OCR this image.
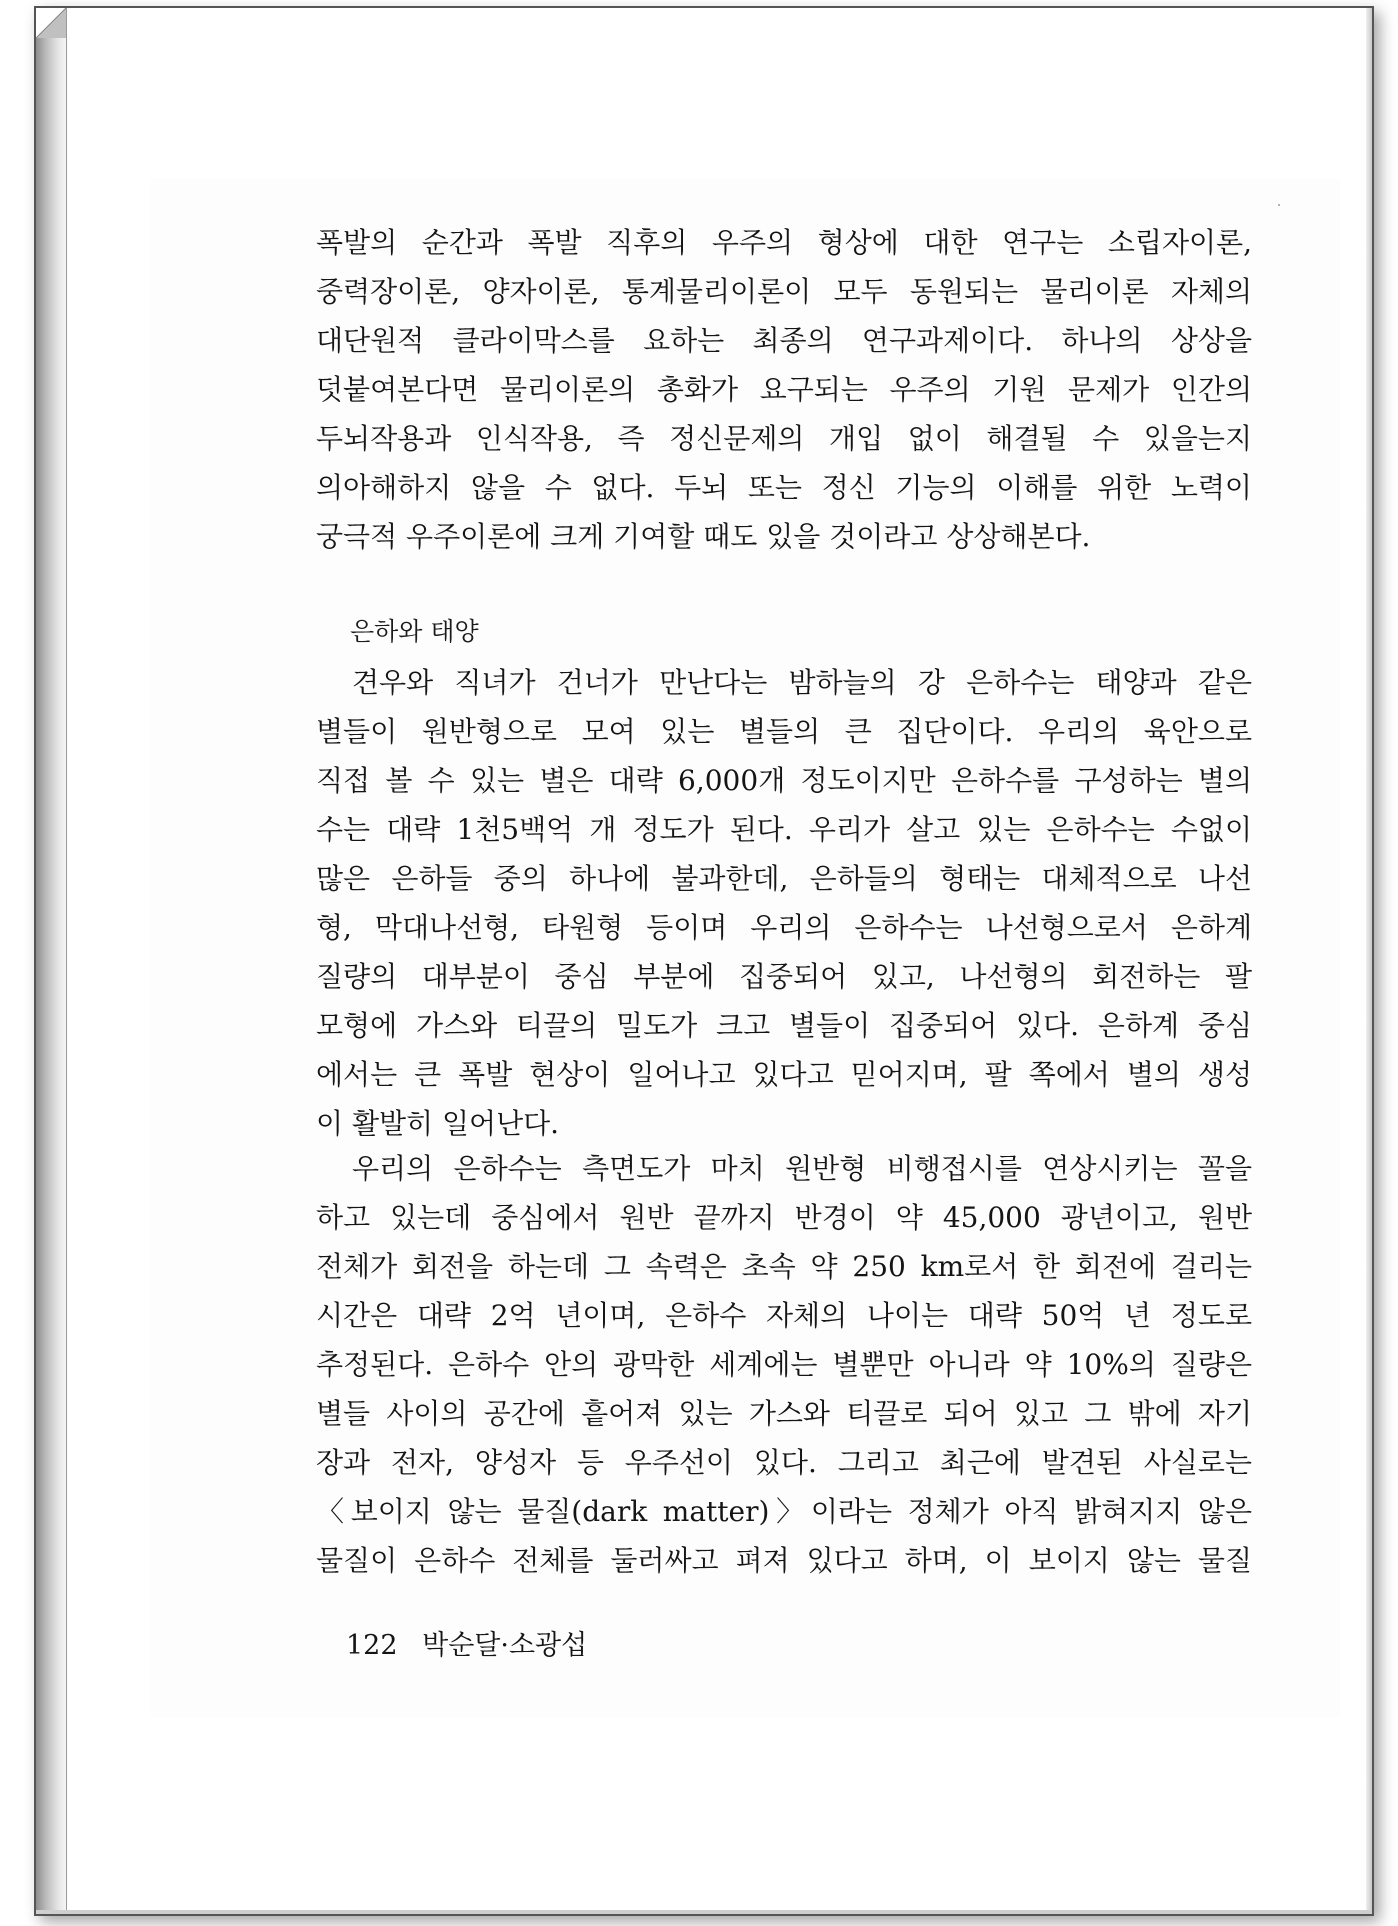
폭발의 순간과 폭발 직후의 우주의 형상에 대한 연구는 소립자이론,
중력장이론, 양자이론, 통계물리이론이 모두 동원되는 물리이론 자체의
대단원적 클라이막스를 요하는 최종의 연구과제이다. 하나의 상상을
덧붙여본다면 물리이론의 총화가 요구되는 우주의 기원 문제가 인간의
두뇌작용과 인식작용, 즉 정신문제의 개입 없이 해결될 수 있을는지
의아해하지 않을 수 없다. 두뇌 또는 정신 기능의 이해를 위한 노력이
궁극적 우주이론에 크게 기여할 때도 있을 것이라고 상상해본다.
은하와 태양
견우와 직녀가 건너가 만난다는 밤하늘의 강 은하수는 태양과 같은
별들이 원반형으로 모여 있는 별들의 큰 집단이다. 우리의 육안으로
직접 볼 수 있는 별은 대략 6,000개 정도이지만 은하수를 구성하는 별의
수는 대략 1천5백억 개 정도가 된다. 우리가 살고 있는 은하수는 수없이
많은 은하들 중의 하나에 불과한데, 은하들의 형태는 대체적으로 나선
형, 막대나선형, 타원형 등이며 우리의 은하수는 나선형으로서 은하계
질량의 대부분이 중심 부분에 집중되어 있고, 나선형의 회전하는 팔
모형에 가스와 티끌의 밀도가 크고 별들이 집중되어 있다. 은하계 중심
에서는 큰 폭발 현상이 일어나고 있다고 믿어지며, 팔 쪽에서 별의 생성
이 활발히 일어난다.
우리의 은하수는 측면도가 마치 원반형 비행접시를 연상시키는 꼴을
하고 있는데 중심에서 원반 끝까지 반경이 약 45,000 광년이고, 원반
전체가 회전을 하는데 그 속력은 초속 약 250 km로서 한 회전에 걸리는
시간은 대략 2억 년이며, 은하수 자체의 나이는 대략 50억 년 정도로
추정된다. 은하수 안의 광막한 세계에는 별뿐만 아니라 약 10%의 질량은
별들 사이의 공간에 흩어져 있는 가스와 티끌로 되어 있고 그 밖에 자기
장과 전자, 양성자 등 우주선이 있다. 그리고 최근에 발견된 사실로는
〈보이지 않는 물질(dark matter)〉이라는 정체가 아직 밝혀지지 않은
물질이 은하수 전체를 둘러싸고 펴져 있다고 하며, 이 보이지 않는 물질
122 박순달·소광섭
